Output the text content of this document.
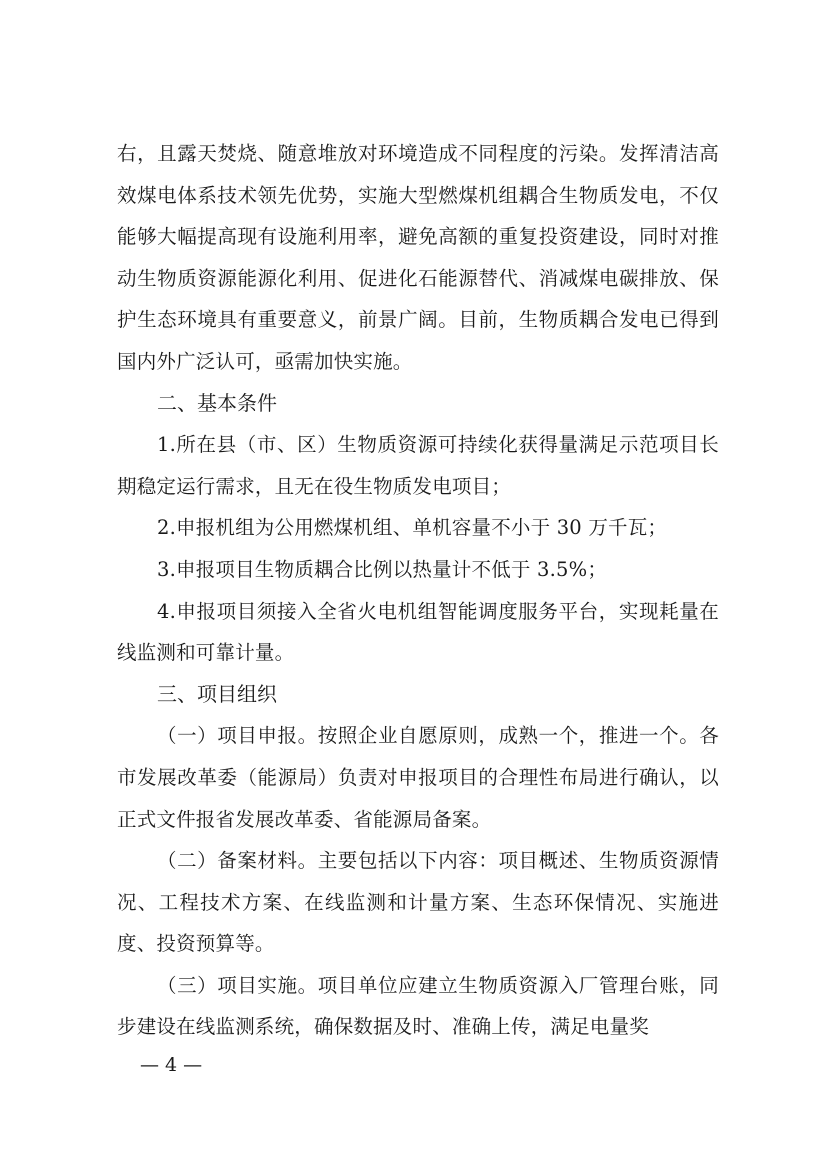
右，且露天焚烧、随意堆放对环境造成不同程度的污染。发挥清洁高效煤电体系技术领先优势，实施大型燃煤机组耦合生物质发电，不仅能够大幅提高现有设施利用率，避免高额的重复投资建设，同时对推动生物质资源能源化利用、促进化石能源替代、消减煤电碳排放、保护生态环境具有重要意义，前景广阔。目前，生物质耦合发电已得到国内外广泛认可，亟需加快实施。

二、基本条件

1.所在县（市、区）生物质资源可持续化获得量满足示范项目长期稳定运行需求，且无在役生物质发电项目；

2.申报机组为公用燃煤机组、单机容量不小于 30 万千瓦；

3.申报项目生物质耦合比例以热量计不低于 3.5%；

4.申报项目须接入全省火电机组智能调度服务平台，实现耗量在线监测和可靠计量。

三、项目组织

（一）项目申报。按照企业自愿原则，成熟一个，推进一个。各市发展改革委（能源局）负责对申报项目的合理性布局进行确认，以正式文件报省发展改革委、省能源局备案。

（二）备案材料。主要包括以下内容：项目概述、生物质资源情况、工程技术方案、在线监测和计量方案、生态环保情况、实施进度、投资预算等。

（三）项目实施。项目单位应建立生物质资源入厂管理台账，同步建设在线监测系统，确保数据及时、准确上传，满足电量奖

— 4 —
